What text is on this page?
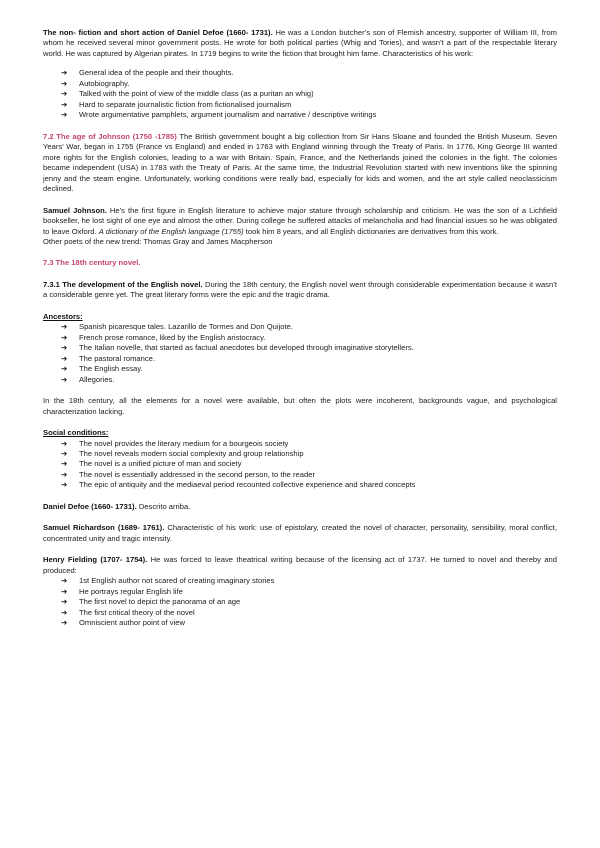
The non- fiction and short action of Daniel Defoe (1660- 1731). He was a London butcher’s son of Flemish ancestry, supporter of William III, from whom he received several minor government posts. He wrote for both political parties (Whig and Tories), and wasn’t a part of the respectable literary world. He was captured by Algerian pirates. In 1719 begins to write the fiction that brought him fame. Characteristics of his work:

➔ General idea of the people and their thoughts.
➔ Autobiography.
➔ Talked with the point of view of the middle class (as a puritan an whig)
➔ Hard to separate journalistic fiction from fictionalised journalism
➔ Wrote argumentative pamphlets, argument journalism and narrative / descriptive writings

7.2 The age of Johnson (1750 -1785) The British government bought a big collection from Sir Hans Sloane and founded the British Museum. Seven Years’ War, began in 1755 (France vs England) and ended in 1763 with England winning through the Treaty of Paris. In 1776, King George III wanted more rights for the English colonies, leading to a war with Britain. Spain, France, and the Netherlands joined the colonies in the fight. The colonies became independent (USA) in 1783 with the Treaty of Paris. At the same time, the Industrial Revolution started with new inventions like the spinning jenny and the steam engine. Unfortunately, working conditions were really bad, especially for kids and women, and the art style called neoclassicism declined.

Samuel Johnson. He’s the first figure in English literature to achieve major stature through scholarship and criticism. He was the son of a Lichfield bookseller, he lost sight of one eye and almost the other. During college he suffered attacks of melancholia and had financial issues so he was obligated to leave Oxford. A dictionary of the English language (1755) took him 8 years, and all English dictionaries are derivatives from this work.

Other poets of the new trend: Thomas Gray and James Macpherson

7.3 The 18th century novel.

7.3.1 The development of the English novel. During the 18th century, the English novel went through considerable experimentation because it wasn’t a considerable genre yet. The great literary forms were the epic and the tragic drama.

Ancestors:

➔ Spanish picaresque tales. Lazarillo de Tormes and Don Quijote.
➔ French prose romance, liked by the English aristocracy.
➔ The Italian novelle, that started as factual anecdotes but developed through imaginative storytellers.
➔ The pastoral romance.
➔ The English essay.
➔ Allegories.

In the 18th century, all the elements for a novel were available, but often the plots were incoherent, backgrounds vague, and psychological characterization lacking.

Social conditions:

➔ The novel provides the literary medium for a bourgeois society
➔ The novel reveals modern social complexity and group relationship
➔ The novel is a unified picture of man and society
➔ The novel is essentially addressed in the second person, to the reader
➔ The epic of antiquity and the mediaeval period recounted collective experience and shared concepts

Daniel Defoe (1660- 1731). Descrito arriba.

Samuel Richardson (1689- 1761). Characteristic of his work: use of epistolary, created the novel of character, personality, sensibility, moral conflict, concentrated unity and tragic intensity.

Henry Fielding (1707- 1754). He was forced to leave theatrical writing because of the licensing act of 1737. He turned to novel and thereby and produced:

➔ 1st English author not scared of creating imaginary stories
➔ He portrays regular English life
➔ The first novel to depict the panorama of an age
➔ The first critical theory of the novel
➔ Omniscient author point of view
